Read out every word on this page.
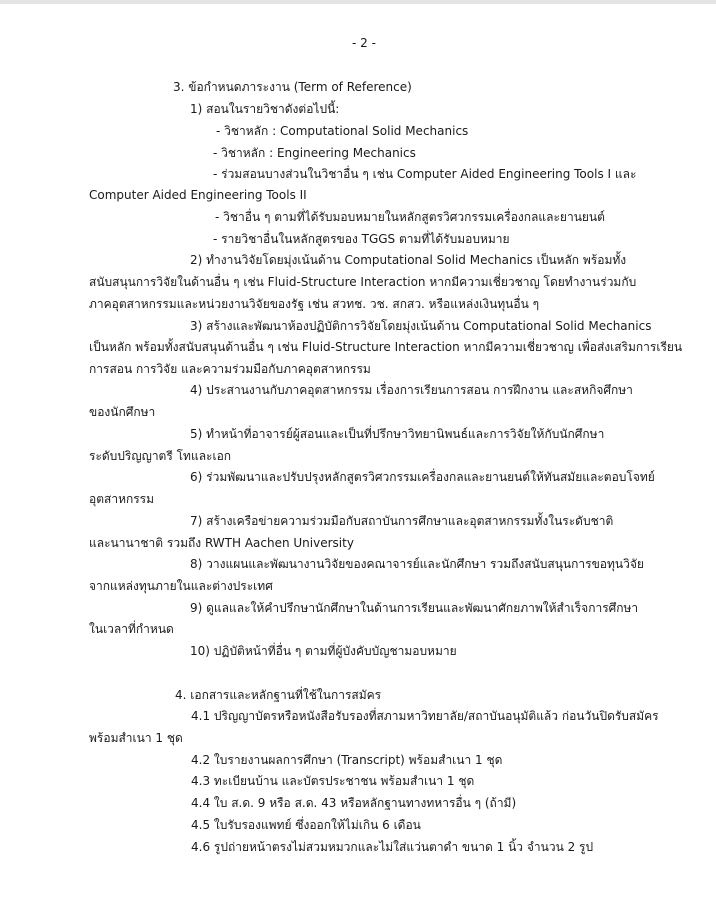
- 2 -
3. ข้อกำหนดภาระงาน (Term of Reference)
1) สอนในรายวิชาดังต่อไปนี้:
- วิชาหลัก : Computational Solid Mechanics
- วิชาหลัก : Engineering Mechanics
- ร่วมสอนบางส่วนในวิชาอื่น ๆ เช่น Computer Aided Engineering Tools I และ
Computer Aided Engineering Tools II
- วิชาอื่น ๆ ตามที่ได้รับมอบหมายในหลักสูตรวิศวกรรมเครื่องกลและยานยนต์
- รายวิชาอื่นในหลักสูตรของ TGGS ตามที่ได้รับมอบหมาย
2) ทำงานวิจัยโดยมุ่งเน้นด้าน Computational Solid Mechanics เป็นหลัก พร้อมทั้ง
สนับสนุนการวิจัยในด้านอื่น ๆ เช่น Fluid-Structure Interaction หากมีความเชี่ยวชาญ โดยทำงานร่วมกับ
ภาคอุตสาหกรรมและหน่วยงานวิจัยของรัฐ เช่น สวทช. วช. สกสว. หรือแหล่งเงินทุนอื่น ๆ
3) สร้างและพัฒนาห้องปฏิบัติการวิจัยโดยมุ่งเน้นด้าน Computational Solid Mechanics
เป็นหลัก พร้อมทั้งสนับสนุนด้านอื่น ๆ เช่น Fluid-Structure Interaction หากมีความเชี่ยวชาญ เพื่อส่งเสริมการเรียน
การสอน การวิจัย และความร่วมมือกับภาคอุตสาหกรรม
4) ประสานงานกับภาคอุตสาหกรรม เรื่องการเรียนการสอน การฝึกงาน และสหกิจศึกษา
ของนักศึกษา
5) ทำหน้าที่อาจารย์ผู้สอนและเป็นที่ปรึกษาวิทยานิพนธ์และการวิจัยให้กับนักศึกษา
ระดับปริญญาตรี โทและเอก
6) ร่วมพัฒนาและปรับปรุงหลักสูตรวิศวกรรมเครื่องกลและยานยนต์ให้ทันสมัยและตอบโจทย์
อุตสาหกรรม
7) สร้างเครือข่ายความร่วมมือกับสถาบันการศึกษาและอุตสาหกรรมทั้งในระดับชาติ
และนานาชาติ รวมถึง RWTH Aachen University
8) วางแผนและพัฒนางานวิจัยของคณาจารย์และนักศึกษา รวมถึงสนับสนุนการขอทุนวิจัย
จากแหล่งทุนภายในและต่างประเทศ
9) ดูแลและให้คำปรึกษานักศึกษาในด้านการเรียนและพัฒนาศักยภาพให้สำเร็จการศึกษา
ในเวลาที่กำหนด
10) ปฏิบัติหน้าที่อื่น ๆ ตามที่ผู้บังคับบัญชามอบหมาย
4. เอกสารและหลักฐานที่ใช้ในการสมัคร
4.1 ปริญญาบัตรหรือหนังสือรับรองที่สภามหาวิทยาลัย/สถาบันอนุมัติแล้ว ก่อนวันปิดรับสมัคร
พร้อมสำเนา 1 ชุด
4.2 ใบรายงานผลการศึกษา (Transcript) พร้อมสำเนา 1 ชุด
4.3 ทะเบียนบ้าน และบัตรประชาชน พร้อมสำเนา 1 ชุด
4.4 ใบ ส.ด. 9 หรือ ส.ด. 43 หรือหลักฐานทางทหารอื่น ๆ (ถ้ามี)
4.5 ใบรับรองแพทย์ ซึ่งออกให้ไม่เกิน 6 เดือน
4.6 รูปถ่ายหน้าตรงไม่สวมหมวกและไม่ใส่แว่นตาดำ ขนาด 1 นิ้ว จำนวน 2 รูป
